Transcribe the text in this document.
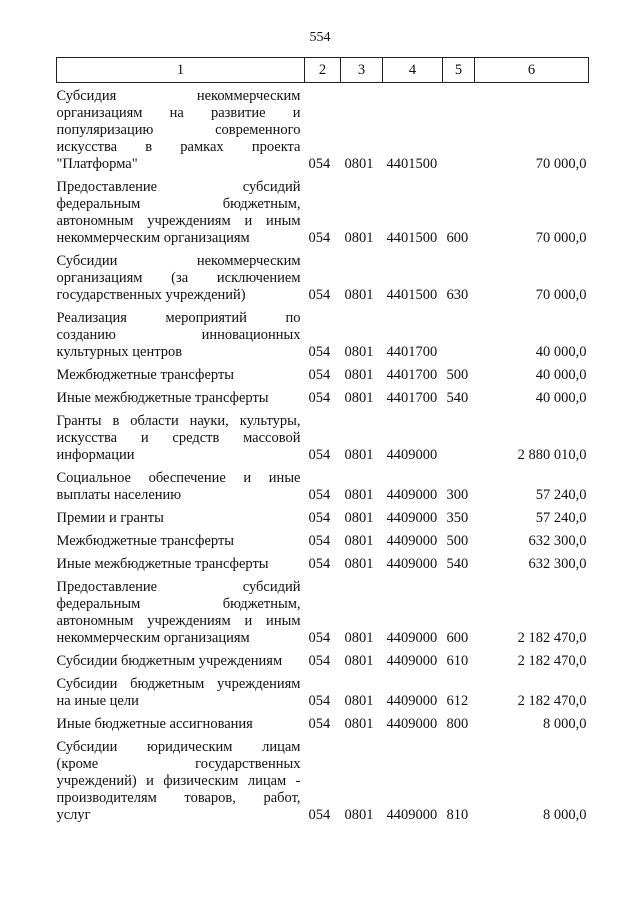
554
1	2	3	4	5	6

Субсидия некоммерческим
организациям на развитие и
популяризацию современного
искусства в рамках проекта
"Платформа"	054	0801	4401500		70 000,0

Предоставление субсидий
федеральным бюджетным,
автономным учреждениям и иным
некоммерческим организациям	054	0801	4401500	600	70 000,0

Субсидии некоммерческим
организациям (за исключением
государственных учреждений)	054	0801	4401500	630	70 000,0

Реализация мероприятий по
созданию инновационных
культурных центров	054	0801	4401700		40 000,0

Межбюджетные трансферты	054	0801	4401700	500	40 000,0

Иные межбюджетные трансферты	054	0801	4401700	540	40 000,0

Гранты в области науки, культуры,
искусства и средств массовой
информации	054	0801	4409000		2 880 010,0

Социальное обеспечение и иные
выплаты населению	054	0801	4409000	300	57 240,0

Премии и гранты	054	0801	4409000	350	57 240,0

Межбюджетные трансферты	054	0801	4409000	500	632 300,0

Иные межбюджетные трансферты	054	0801	4409000	540	632 300,0

Предоставление субсидий
федеральным бюджетным,
автономным учреждениям и иным
некоммерческим организациям	054	0801	4409000	600	2 182 470,0

Субсидии бюджетным учреждениям	054	0801	4409000	610	2 182 470,0

Субсидии бюджетным учреждениям
на иные цели	054	0801	4409000	612	2 182 470,0

Иные бюджетные ассигнования	054	0801	4409000	800	8 000,0

Субсидии юридическим лицам
(кроме государственных
учреждений) и физическим лицам -
производителям товаров, работ,
услуг	054	0801	4409000	810	8 000,0
